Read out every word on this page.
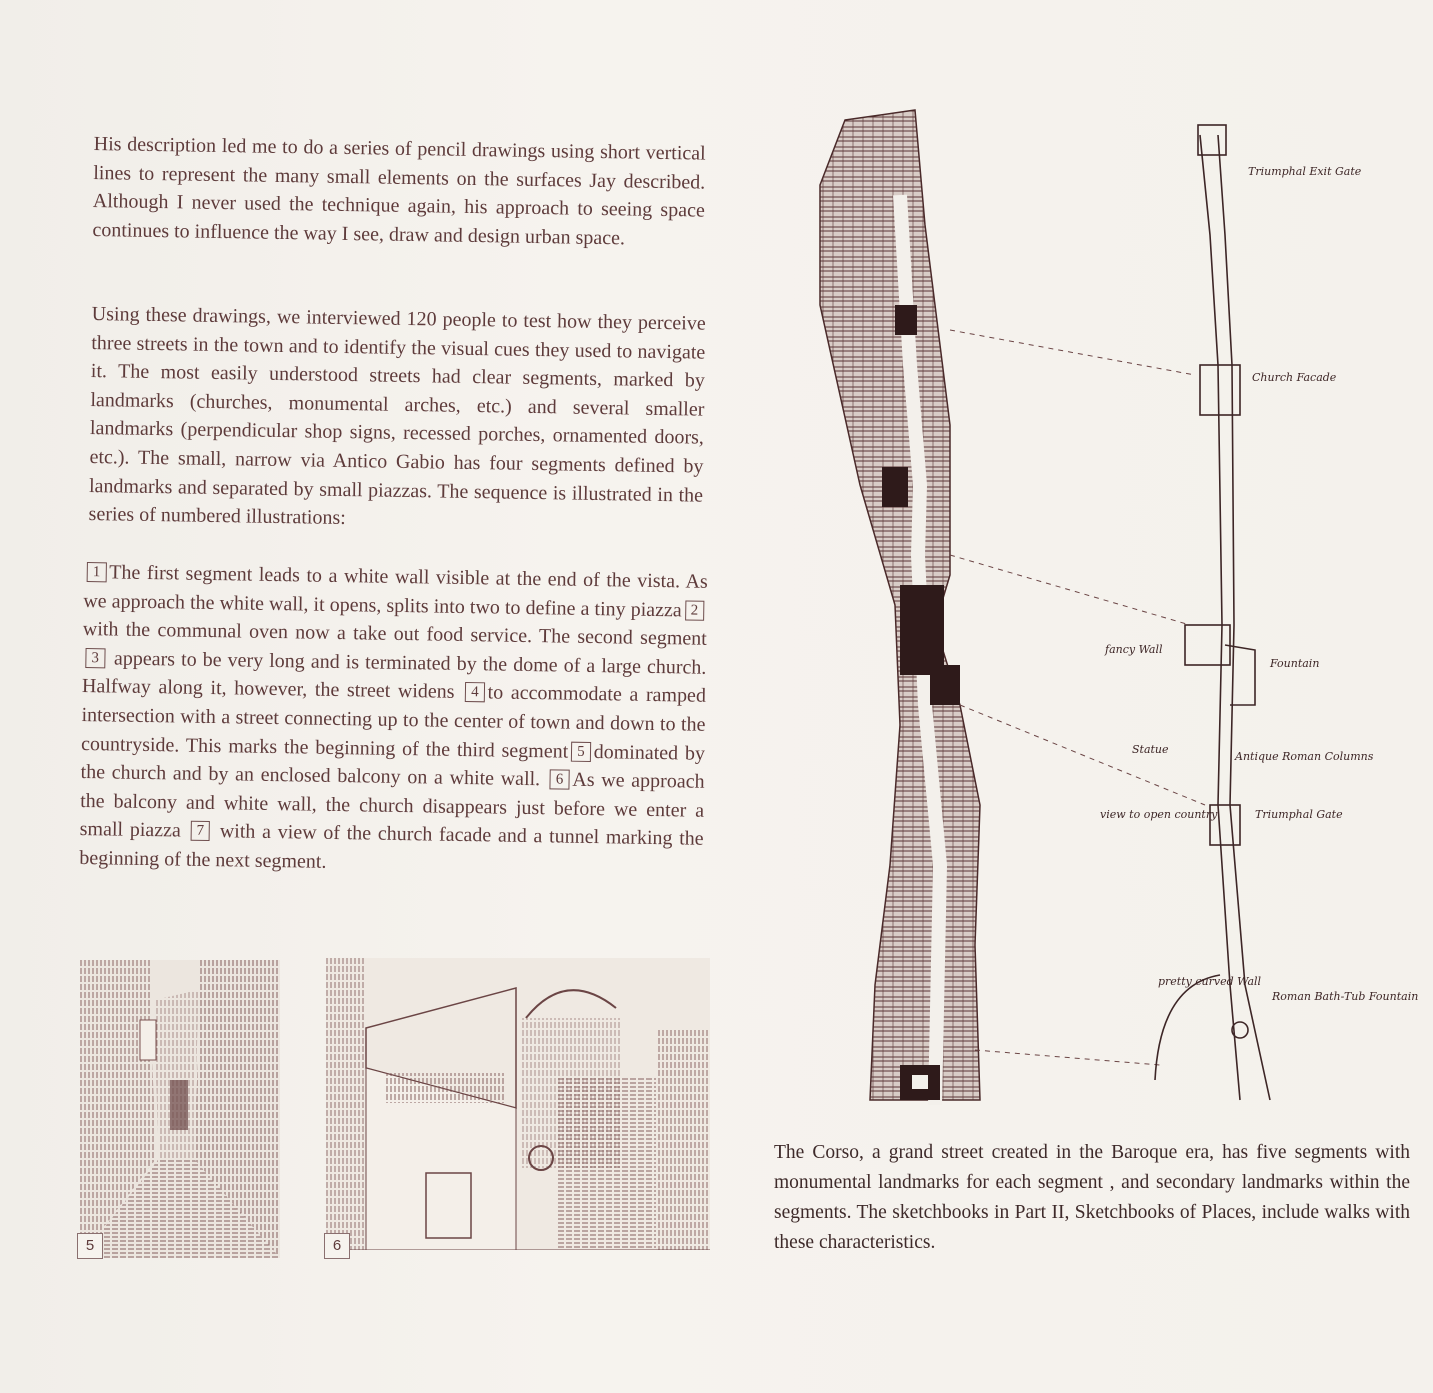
His description led me to do a series of pencil drawings using short vertical lines to represent the many small elements on the surfaces Jay described. Although I never used the technique again, his approach to seeing space continues to influence the way I see, draw and design urban space.

Using these drawings, we interviewed 120 people to test how they perceive three streets in the town and to identify the visual cues they used to navigate it. The most easily understood streets had clear segments, marked by landmarks (churches, monumental arches, etc.) and several smaller landmarks (perpendicular shop signs, recessed porches, ornamented doors, etc.). The small, narrow via Antico Gabio has four segments defined by landmarks and separated by small piazzas. The sequence is illustrated in the series of numbered illustrations:

1 The first segment leads to a white wall visible at the end of the vista. As we approach the white wall, it opens, splits into two to define a tiny piazza 2 with the communal oven now a take out food service. The second segment 3 appears to be very long and is terminated by the dome of a large church. Halfway along it, however, the street widens 4 to accommodate a ramped intersection with a street connecting up to the center of town and down to the countryside. This marks the beginning of the third segment 5 dominated by the church and by an enclosed balcony on a white wall. 6 As we approach the balcony and white wall, the church disappears just before we enter a small piazza 7 with a view of the church facade and a tunnel marking the beginning of the next segment.

5	6
Triumphal Exit Gate
Church Facade
fancy Wall
Fountain
Statue
Antique Roman Columns
view to open country	Triumphal Gate
pretty curved Wall
Roman Bath-Tub Fountain

The Corso, a grand street created in the Baroque era, has five segments with monumental landmarks for each segment , and secondary landmarks within the segments. The sketchbooks in Part II, Sketchbooks of Places, include walks with these characteristics.
